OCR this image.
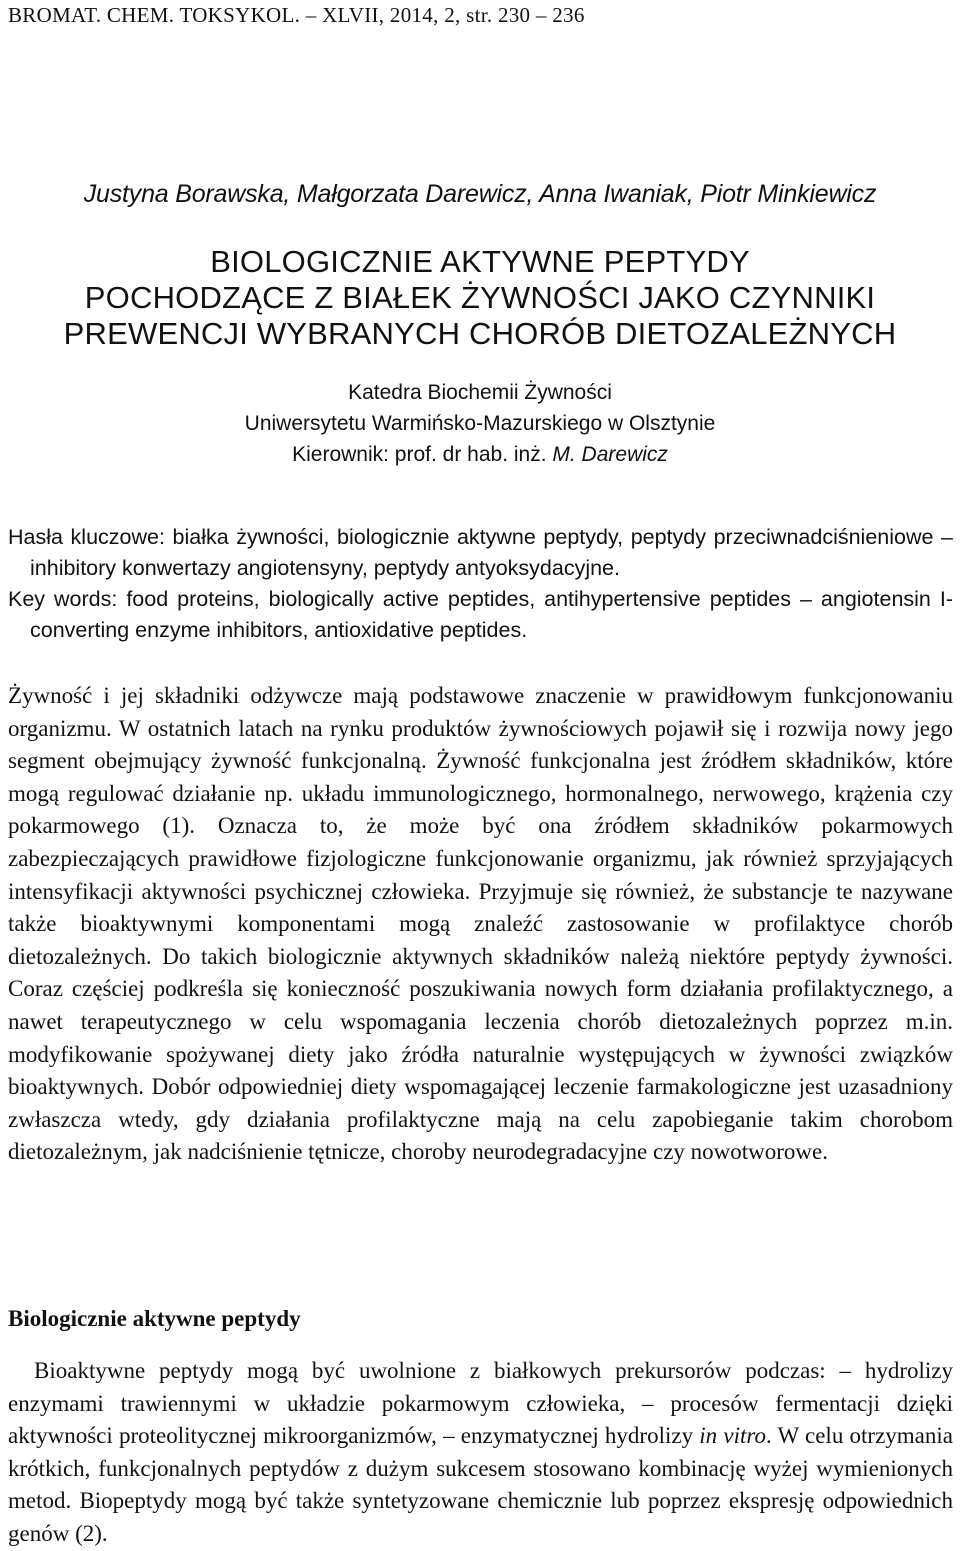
BROMAT. CHEM. TOKSYKOL. – XLVII, 2014, 2, str. 230 – 236
Justyna Borawska, Małgorzata Darewicz, Anna Iwaniak, Piotr Minkiewicz
BIOLOGICZNIE AKTYWNE PEPTYDY
POCHODZĄCE Z BIAŁEK ŻYWNOŚCI JAKO CZYNNIKI
PREWENCJI WYBRANYCH CHORÓB DIETOZALEŻNYCH
Katedra Biochemii Żywności
Uniwersytetu Warmińsko-Mazurskiego w Olsztynie
Kierownik: prof. dr hab. inż. M. Darewicz

Hasła kluczowe: białka żywności, biologicznie aktywne peptydy, peptydy przeciwnadciśnieniowe – inhibitory konwertazy angiotensyny, peptydy antyoksydacyjne.

Key words: food proteins, biologically active peptides, antihypertensive peptides – angiotensin I-converting enzyme inhibitors, antioxidative peptides.

Żywność i jej składniki odżywcze mają podstawowe znaczenie w prawidłowym funkcjonowaniu organizmu. W ostatnich latach na rynku produktów żywnościowych pojawił się i rozwija nowy jego segment obejmujący żywność funkcjonalną. Żywność funkcjonalna jest źródłem składników, które mogą regulować działanie np. układu immunologicznego, hormonalnego, nerwowego, krążenia czy pokarmowego (1). Oznacza to, że może być ona źródłem składników pokarmowych zabezpieczających prawidłowe fizjologiczne funkcjonowanie organizmu, jak również sprzyjających intensyfikacji aktywności psychicznej człowieka. Przyjmuje się również, że substancje te nazywane także bioaktywnymi komponentami mogą znaleźć zastosowanie w profilaktyce chorób dietozależnych. Do takich biologicznie aktywnych składników należą niektóre peptydy żywności. Coraz częściej podkreśla się konieczność poszukiwania nowych form działania profilaktycznego, a nawet terapeutycznego w celu wspomagania leczenia chorób dietozależnych poprzez m.in. modyfikowanie spożywanej diety jako źródła naturalnie występujących w żywności związków bioaktywnych. Dobór odpowiedniej diety wspomagającej leczenie farmakologiczne jest uzasadniony zwłaszcza wtedy, gdy działania profilaktyczne mają na celu zapobieganie takim chorobom dietozależnym, jak nadciśnienie tętnicze, choroby neurodegradacyjne czy nowotworowe.

Biologicznie aktywne peptydy

Bioaktywne peptydy mogą być uwolnione z białkowych prekursorów podczas: – hydrolizy enzymami trawiennymi w układzie pokarmowym człowieka, – procesów fermentacji dzięki aktywności proteolitycznej mikroorganizmów, – enzymatycznej hydrolizy in vitro. W celu otrzymania krótkich, funkcjonalnych peptydów z dużym sukcesem stosowano kombinację wyżej wymienionych metod. Biopeptydy mogą być także syntetyzowane chemicznie lub poprzez ekspresję odpowiednich genów (2).
